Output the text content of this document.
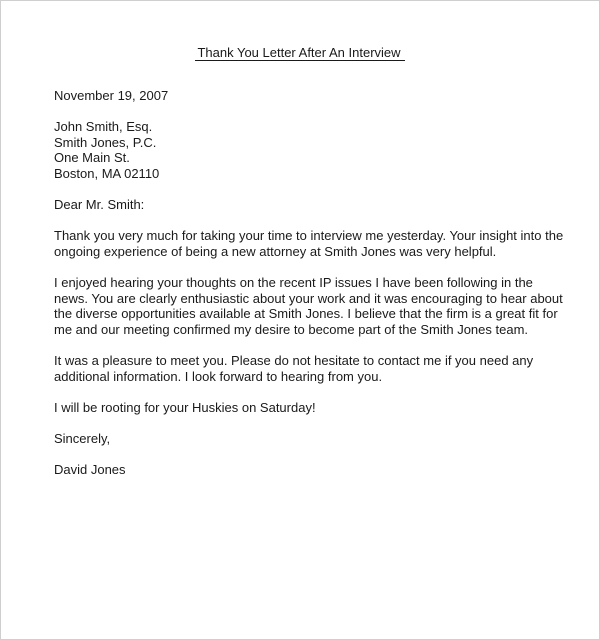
Thank You Letter After An Interview

November 19, 2007

John Smith, Esq.
Smith Jones, P.C.
One Main St.
Boston, MA 02110

Dear Mr. Smith:

Thank you very much for taking your time to interview me yesterday. Your insight into the ongoing experience of being a new attorney at Smith Jones was very helpful.

I enjoyed hearing your thoughts on the recent IP issues I have been following in the news. You are clearly enthusiastic about your work and it was encouraging to hear about the diverse opportunities available at Smith Jones. I believe that the firm is a great fit for me and our meeting confirmed my desire to become part of the Smith Jones team.

It was a pleasure to meet you. Please do not hesitate to contact me if you need any additional information. I look forward to hearing from you.

I will be rooting for your Huskies on Saturday!

Sincerely,

David Jones
